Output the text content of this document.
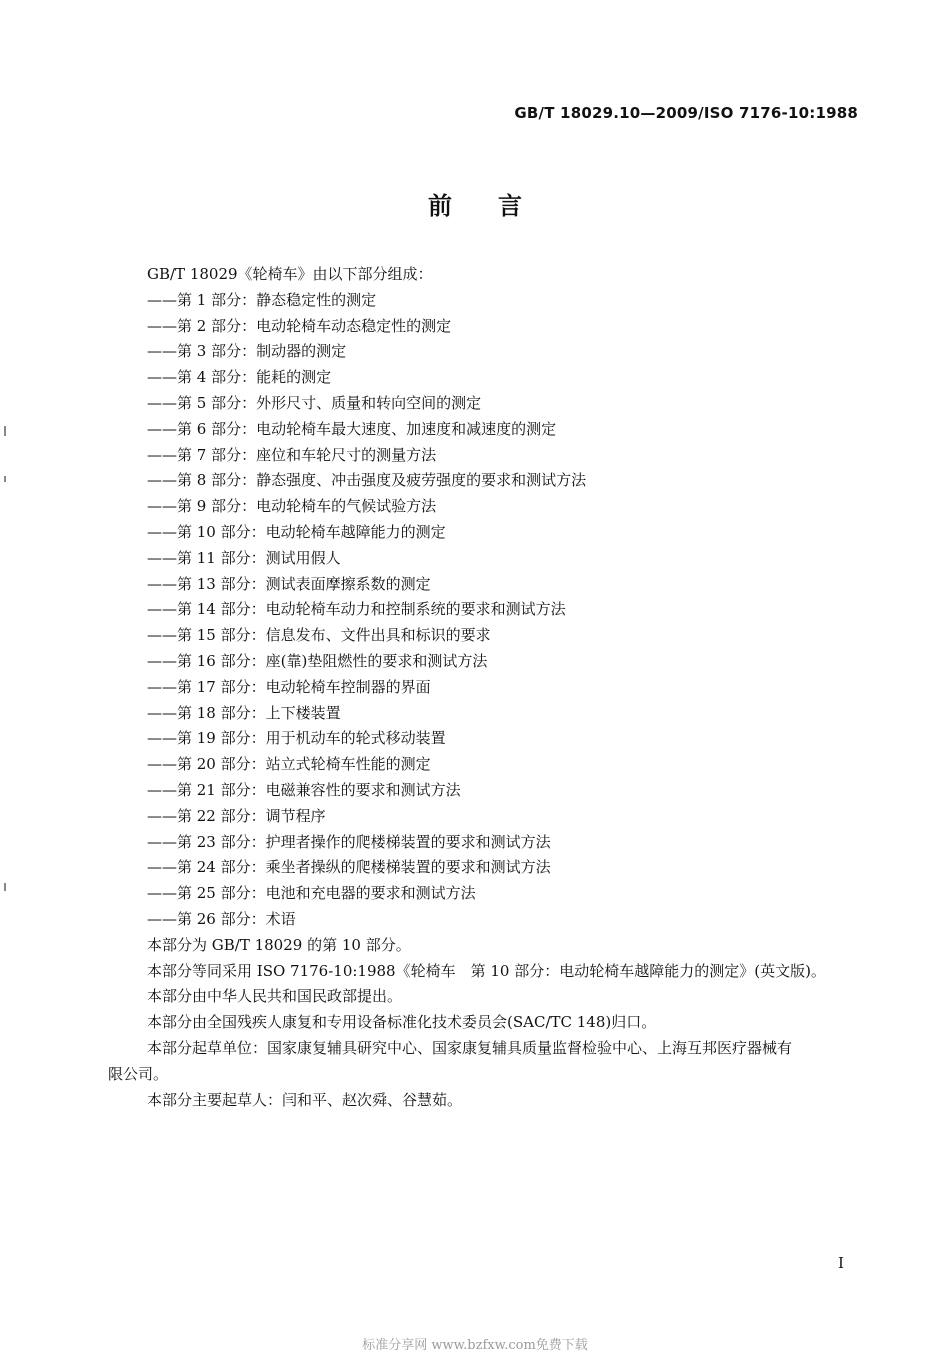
GB/T 18029.10—2009/ISO 7176-10:1988
前言
GB/T 18029《轮椅车》由以下部分组成：
——第 1 部分：静态稳定性的测定
——第 2 部分：电动轮椅车动态稳定性的测定
——第 3 部分：制动器的测定
——第 4 部分：能耗的测定
——第 5 部分：外形尺寸、质量和转向空间的测定
——第 6 部分：电动轮椅车最大速度、加速度和减速度的测定
——第 7 部分：座位和车轮尺寸的测量方法
——第 8 部分：静态强度、冲击强度及疲劳强度的要求和测试方法
——第 9 部分：电动轮椅车的气候试验方法
——第 10 部分：电动轮椅车越障能力的测定
——第 11 部分：测试用假人
——第 13 部分：测试表面摩擦系数的测定
——第 14 部分：电动轮椅车动力和控制系统的要求和测试方法
——第 15 部分：信息发布、文件出具和标识的要求
——第 16 部分：座(靠)垫阻燃性的要求和测试方法
——第 17 部分：电动轮椅车控制器的界面
——第 18 部分：上下楼装置
——第 19 部分：用于机动车的轮式移动装置
——第 20 部分：站立式轮椅车性能的测定
——第 21 部分：电磁兼容性的要求和测试方法
——第 22 部分：调节程序
——第 23 部分：护理者操作的爬楼梯装置的要求和测试方法
——第 24 部分：乘坐者操纵的爬楼梯装置的要求和测试方法
——第 25 部分：电池和充电器的要求和测试方法
——第 26 部分：术语
本部分为 GB/T 18029 的第 10 部分。
本部分等同采用 ISO 7176-10:1988《轮椅车　第 10 部分：电动轮椅车越障能力的测定》(英文版)。
本部分由中华人民共和国民政部提出。
本部分由全国残疾人康复和专用设备标准化技术委员会(SAC/TC 148)归口。
本部分起草单位：国家康复辅具研究中心、国家康复辅具质量监督检验中心、上海互邦医疗器械有
限公司。
本部分主要起草人：闫和平、赵次舜、谷慧茹。
I
标准分享网 www.bzfxw.com免费下载
